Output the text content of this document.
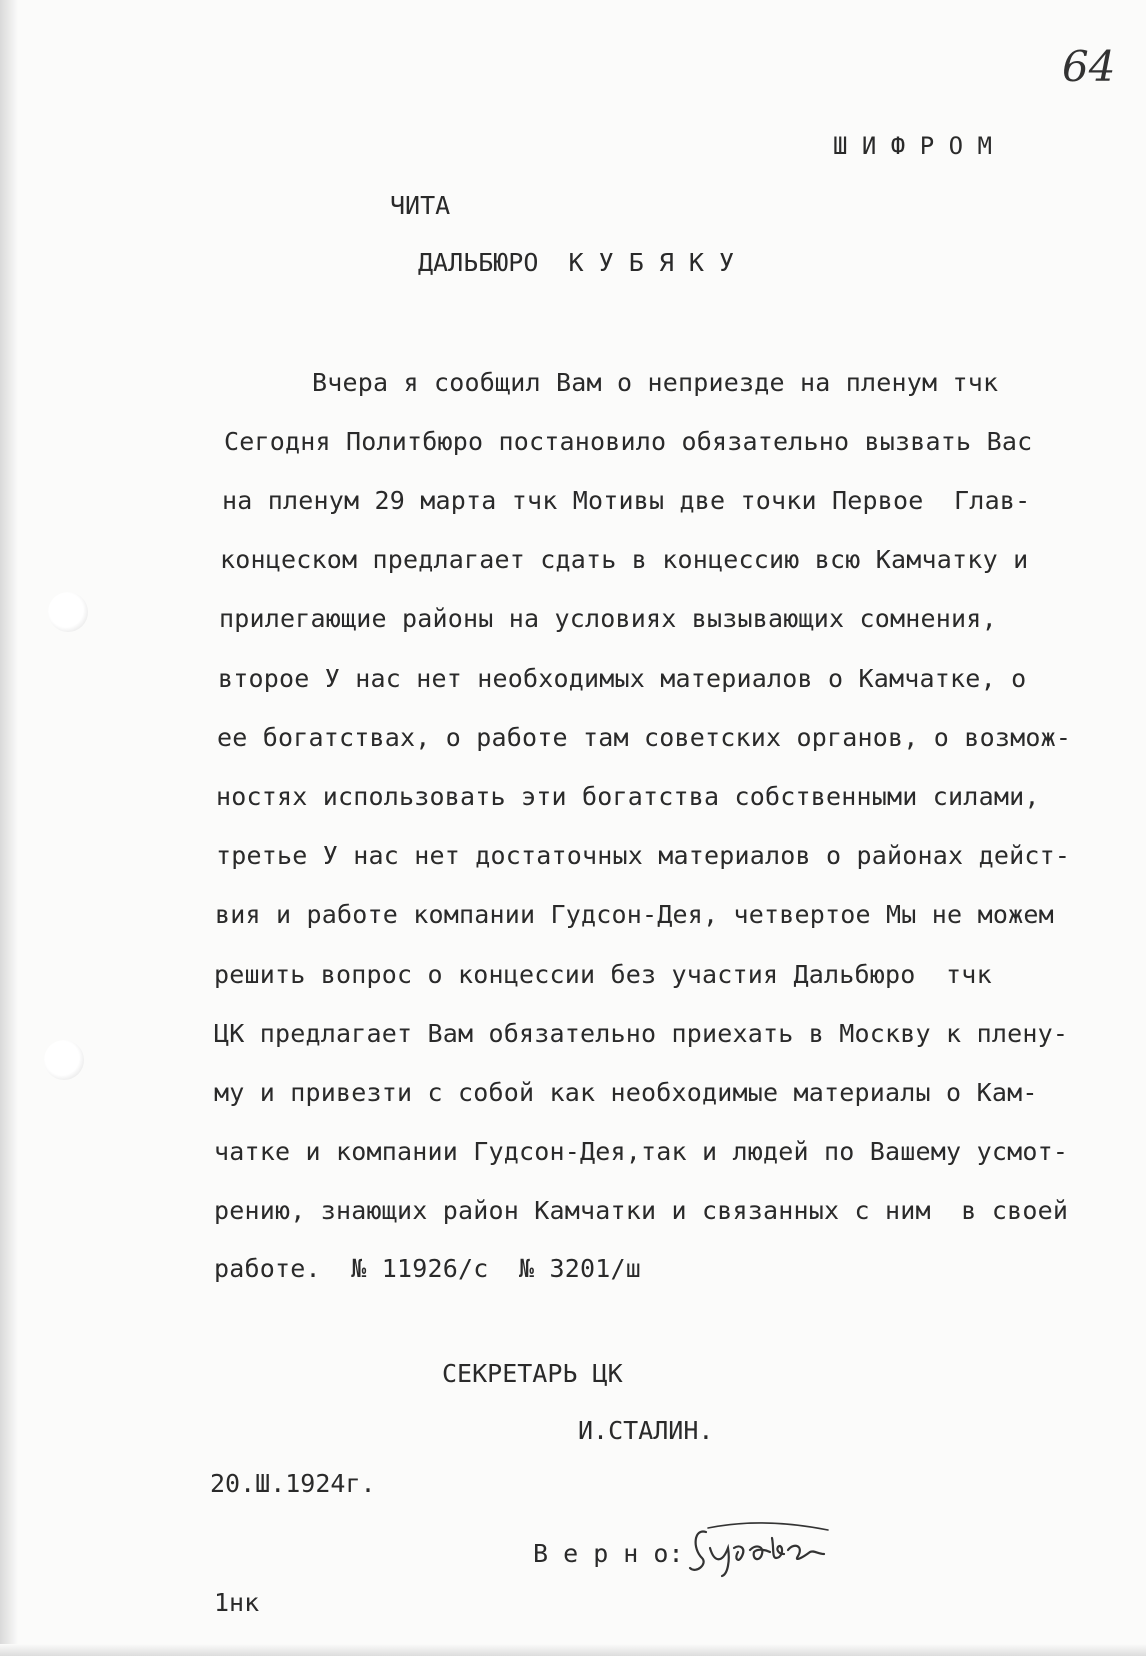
64
Ш И Ф Р О М
ЧИТА
ДАЛЬБЮРО  К У Б Я К У
Вчера я сообщил Вам о неприезде на пленум тчк
Сегодня Политбюро постановило обязательно вызвать Вас
на пленум 29 марта тчк Мотивы две точки Первое  Глав-
концеском предлагает сдать в концессию всю Камчатку и
прилегающие районы на условиях вызывающих сомнения,
второе У нас нет необходимых материалов о Камчатке, о
ее богатствах, о работе там советских органов, о возмож-
ностях использовать эти богатства собственными силами,
третье У нас нет достаточных материалов о районах дейст-
вия и работе компании Гудсон-Дея, четвертое Мы не можем
решить вопрос о концессии без участия Дальбюро  тчк
ЦК предлагает Вам обязательно приехать в Москву к плену-
му и привезти с собой как необходимые материалы о Кам-
чатке и компании Гудсон-Дея,так и людей по Вашему усмот-
рению, знающих район Камчатки и связанных с ним  в своей
работе.  № 11926/с  № 3201/ш
СЕКРЕТАРЬ ЦК
И.СТАЛИН.
20.Ш.1924г.
В е р н о:
1нк
